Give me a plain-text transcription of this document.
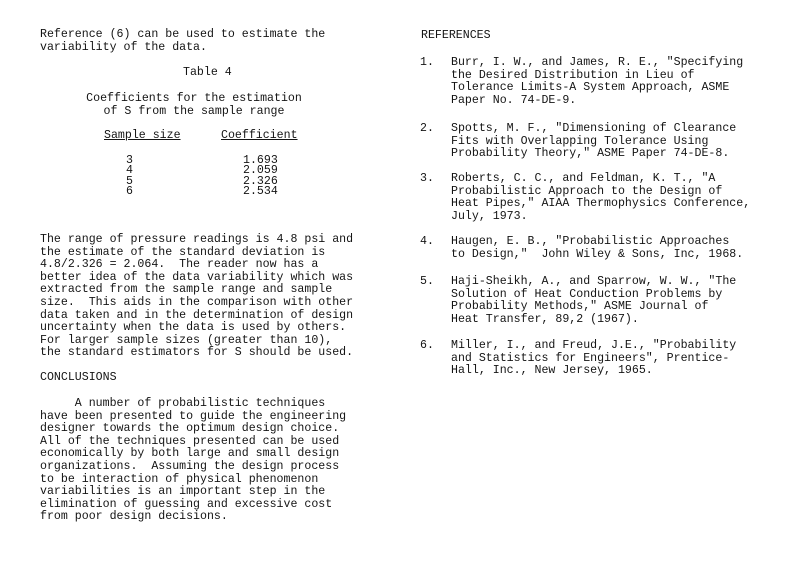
Reference (6) can be used to estimate the
variability of the data.
Table 4
Coefficients for the estimation
of S from the sample range
Sample size	Coefficient

3	1.693
4	2.059
5	2.326
6	2.534
The range of pressure readings is 4.8 psi and
the estimate of the standard deviation is
4.8/2.326 = 2.064.  The reader now has a
better idea of the data variability which was
extracted from the sample range and sample
size.  This aids in the comparison with other
data taken and in the determination of design
uncertainty when the data is used by others.
For larger sample sizes (greater than 10),
the standard estimators for S should be used.
CONCLUSIONS
A number of probabilistic techniques
have been presented to guide the engineering
designer towards the optimum design choice.
All of the techniques presented can be used
economically by both large and small design
organizations.  Assuming the design process
to be interaction of physical phenomenon
variabilities is an important step in the
elimination of guessing and excessive cost
from poor design decisions.
REFERENCES
1. Burr, I. W., and James, R. E., "Specifying
the Desired Distribution in Lieu of
Tolerance Limits-A System Approach, ASME
Paper No. 74-DE-9.
2. Spotts, M. F., "Dimensioning of Clearance
Fits with Overlapping Tolerance Using
Probability Theory," ASME Paper 74-DE-8.
3. Roberts, C. C., and Feldman, K. T., "A
Probabilistic Approach to the Design of
Heat Pipes," AIAA Thermophysics Conference,
July, 1973.
4. Haugen, E. B., "Probabilistic Approaches
to Design,"  John Wiley & Sons, Inc, 1968.
5. Haji-Sheikh, A., and Sparrow, W. W., "The
Solution of Heat Conduction Problems by
Probability Methods," ASME Journal of
Heat Transfer, 89,2 (1967).
6. Miller, I., and Freud, J.E., "Probability
and Statistics for Engineers", Prentice-
Hall, Inc., New Jersey, 1965.
